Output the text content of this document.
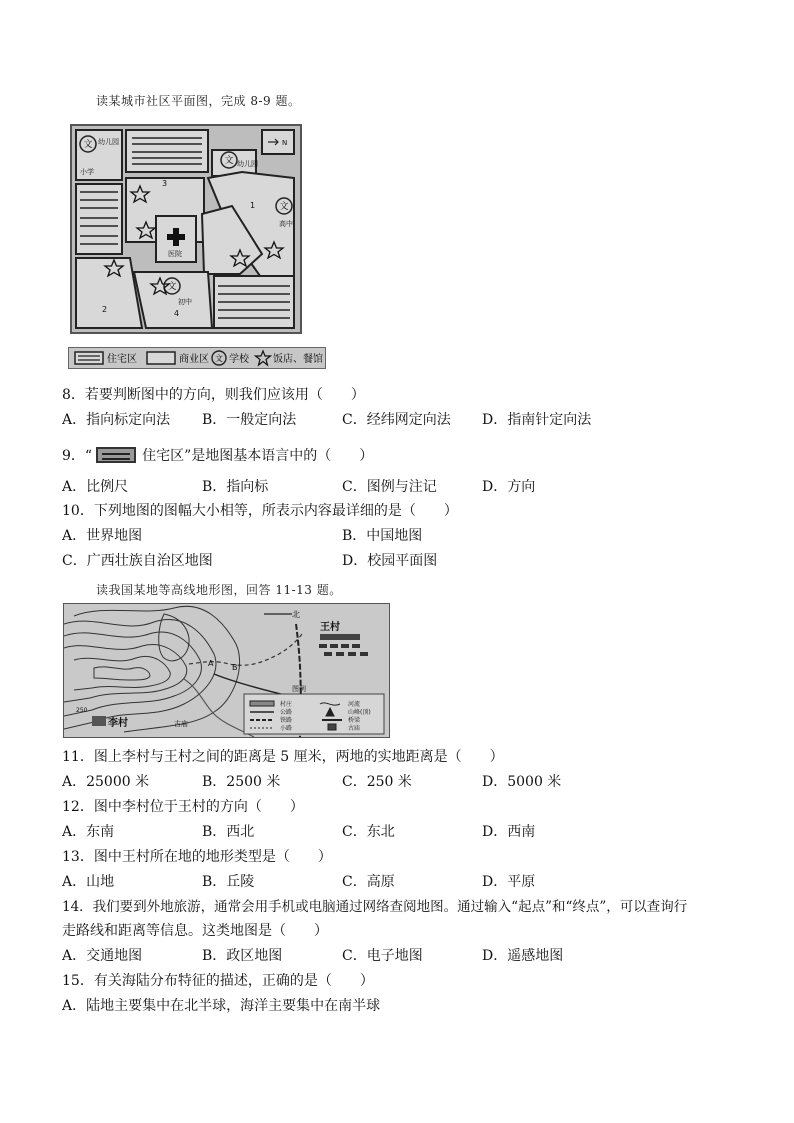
读某城市社区平面图，完成 8-9 题。
文
文
文
文
幼儿园
小学
幼儿园
高中
医院
初中
N
3
1
2	4
住宅区	商业区 文 学校 饭店、餐馆
8．若要判断图中的方向，则我们应该用（　　）
A．指向标定向法 B．一般定向法	C．经纬网定向法 D．指南针定向法
9．“	住宅区”是地图基本语言中的（　　）
A．比例尺	B．指向标	C．图例与注记	D．方向
10．下列地图的图幅大小相等，所表示内容最详细的是（　　）
A．世界地图	B．中国地图
C．广西壮族自治区地图	D．校园平面图
读我国某地等高线地形图，回答 11-13 题。
北
王村
李村
A B
250
古庙
图例
村庄
公路
铁路
小路
河流
山峰(顶)
桥梁
古庙
11．图上李村与王村之间的距离是 5 厘米，两地的实地距离是（　　）
A．25000 米	B．2500 米	C．250 米	D．5000 米
12．图中李村位于王村的方向（　　）
A．东南	B．西北	C．东北	D．西南
13．图中王村所在地的地形类型是（　　）
A．山地	B．丘陵	C．高原	D．平原
14．我们要到外地旅游，通常会用手机或电脑通过网络查阅地图。通过输入“起点”和“终点”，可以查询行
走路线和距离等信息。这类地图是（　　）
A．交通地图	B．政区地图	C．电子地图	D．遥感地图
15．有关海陆分布特征的描述，正确的是（　　）
A．陆地主要集中在北半球，海洋主要集中在南半球
